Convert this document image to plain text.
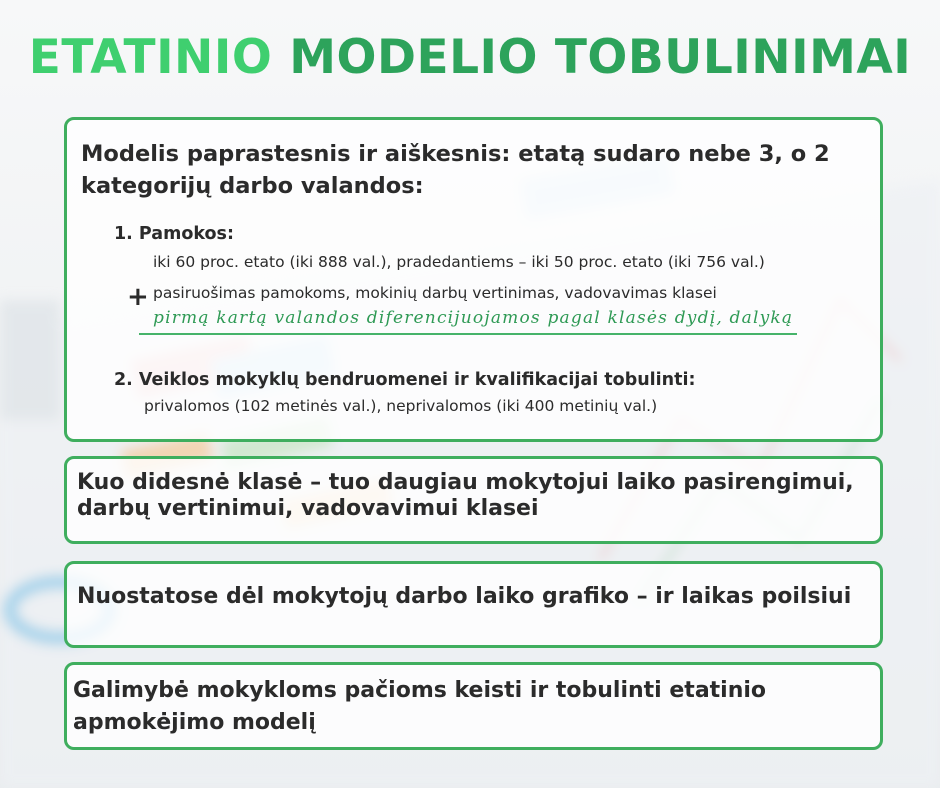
ETATINIO MODELIO TOBULINIMAI
Modelis paprastesnis ir aiškesnis: etatą sudaro nebe 3, o 2 kategorijų darbo valandos:
1. Pamokos:
iki 60 proc. etato (iki 888 val.), pradedantiems – iki 50 proc. etato (iki 756 val.)
+ pasiruošimas pamokoms, mokinių darbų vertinimas, vadovavimas klasei
pirmą kartą valandos diferencijuojamos pagal klasės dydį, dalyką
2. Veiklos mokyklų bendruomenei ir kvalifikacijai tobulinti:
privalomos (102 metinės val.), neprivalomos (iki 400 metinių val.)
Kuo didesnė klasė – tuo daugiau mokytojui laiko pasirengimui, darbų vertinimui, vadovavimui klasei
Nuostatose dėl mokytojų darbo laiko grafiko – ir laikas poilsiui
Galimybė mokykloms pačioms keisti ir tobulinti etatinio apmokėjimo modelį
